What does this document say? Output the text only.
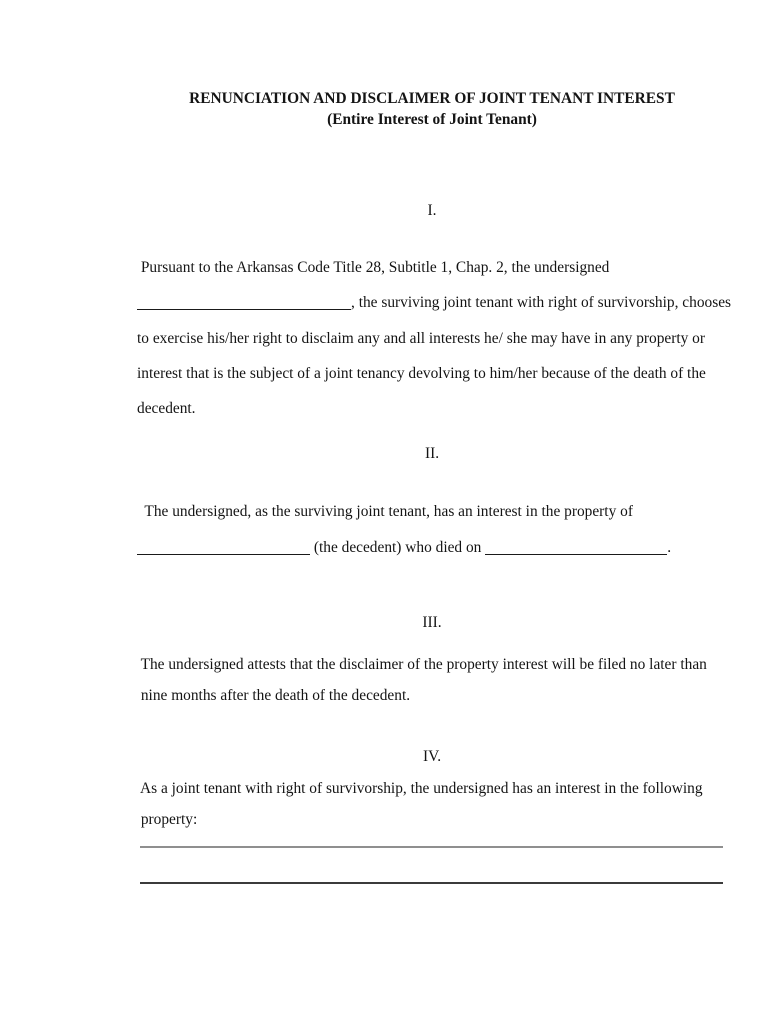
RENUNCIATION AND DISCLAIMER OF JOINT TENANT INTEREST
(Entire Interest of Joint Tenant)
I.
Pursuant to the Arkansas Code Title 28, Subtitle 1, Chap. 2, the undersigned
, the surviving joint tenant with right of survivorship, chooses
to exercise his/her right to disclaim any and all interests he/ she may have in any property or
interest that is the subject of a joint tenancy devolving to him/her because of the death of the
decedent.
II.
The undersigned, as the surviving joint tenant, has an interest in the property of
(the decedent) who died on	.
III.
The undersigned attests that the disclaimer of the property interest will be filed no later than
nine months after the death of the decedent.
IV.
As a joint tenant with right of survivorship, the undersigned has an interest in the following
property:
